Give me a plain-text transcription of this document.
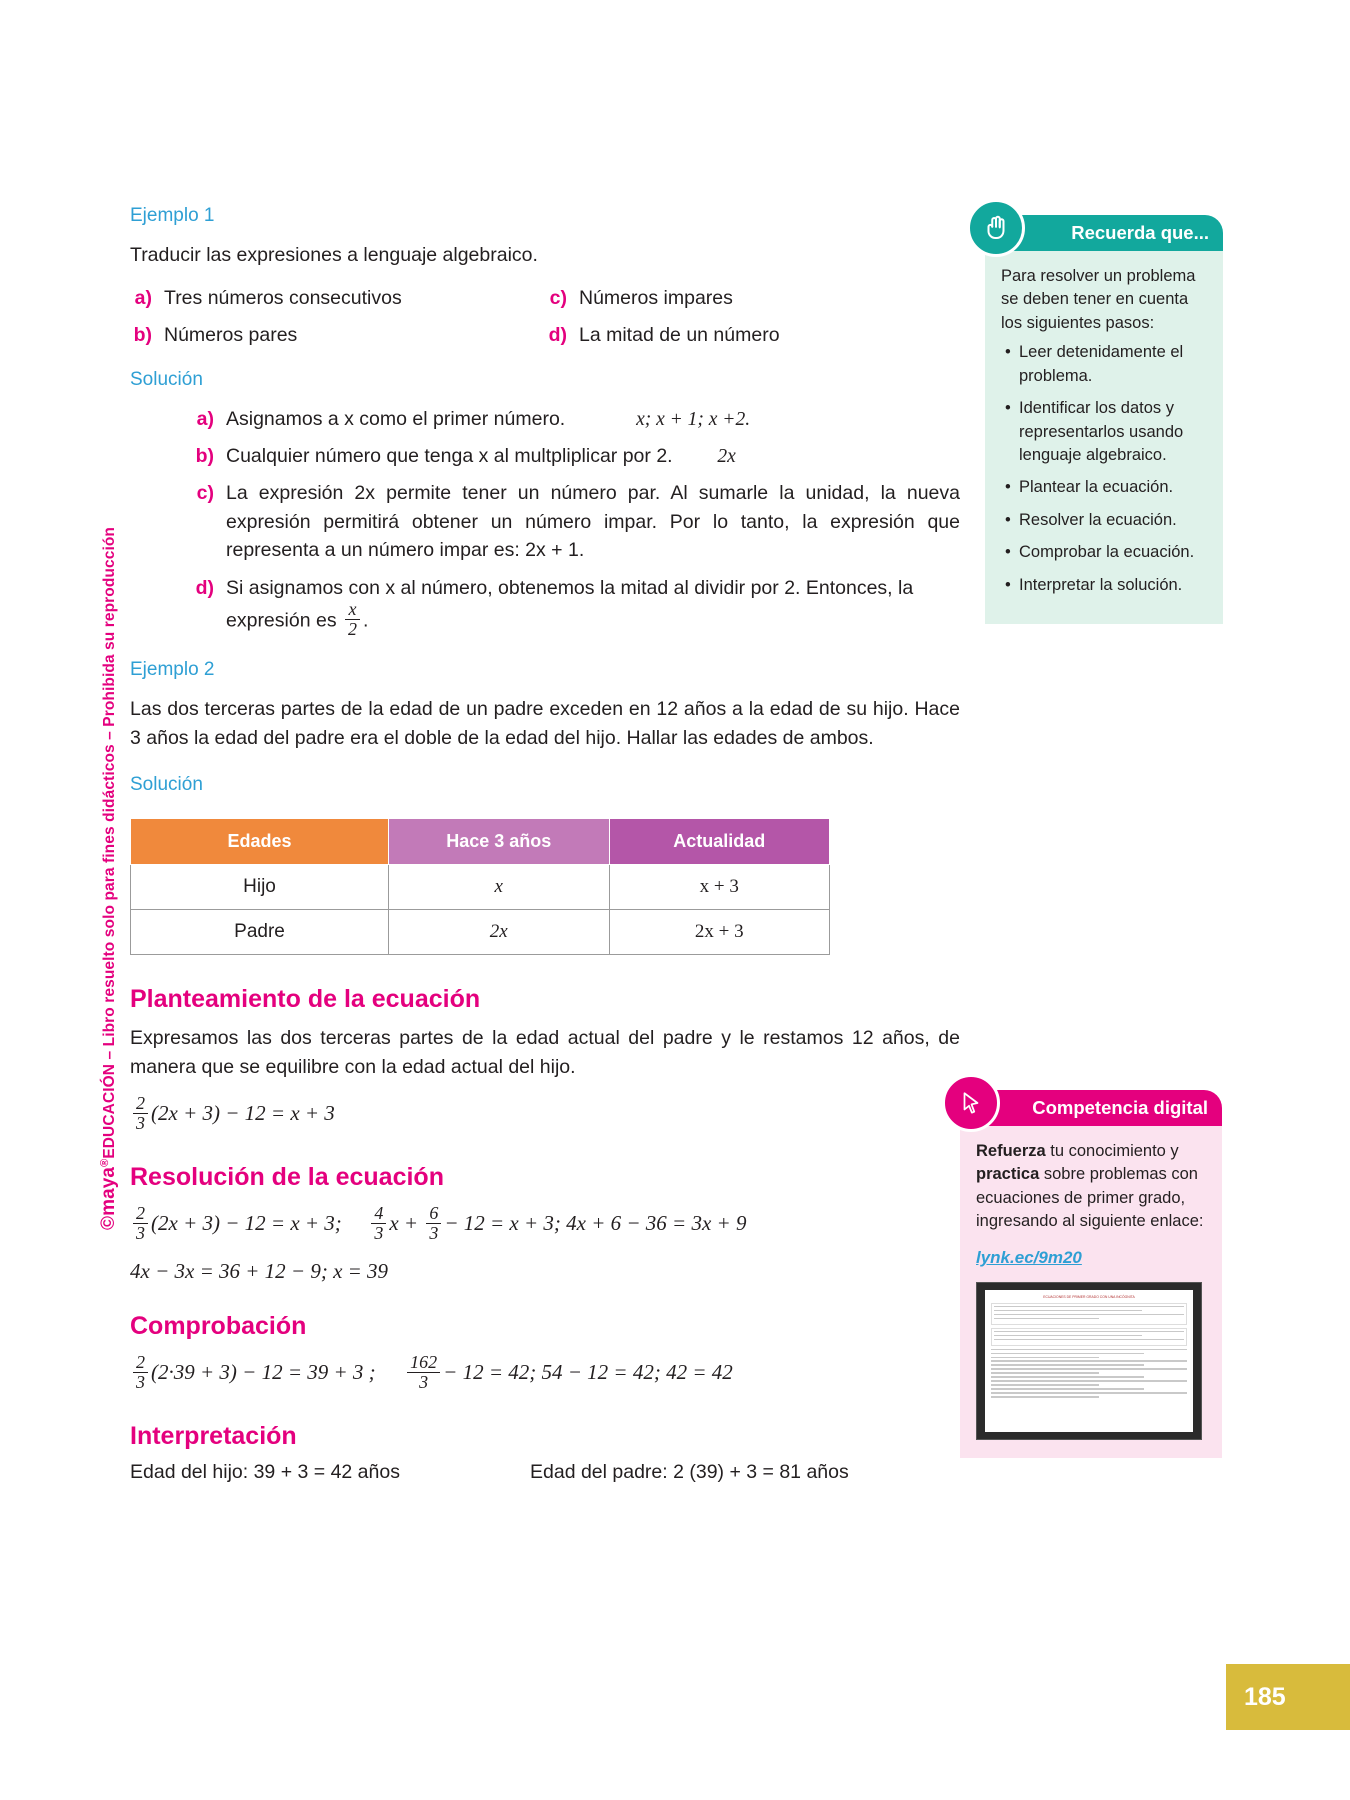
©maya®EDUCACIÓN – Libro resuelto solo para fines didácticos – Prohibida su reproducción
Ejemplo 1
Traducir las expresiones a lenguaje algebraico.
a) Tres números consecutivos	c) Números impares
b) Números pares	d) La mitad de un número
Solución
a) Asignamos a x como el primer número.	x; x + 1; x +2.
b) Cualquier número que tenga x al multpliplicar por 2. 2x
c) La expresión 2x permite tener un número par. Al sumarle la unidad, la nueva expresión permitirá obtener un número impar. Por lo tanto, la expresión que representa a un número impar es: 2x + 1.
d) Si asignamos con x al número, obtenemos la mitad al dividir por 2. Entonces, la expresión es $\frac{x}{2}$ .
Ejemplo 2
Las dos terceras partes de la edad de un padre exceden en 12 años a la edad de su hijo. Hace 3 años la edad del padre era el doble de la edad del hijo. Hallar las edades de ambos.
Solución
Edades	Hace 3 años	Actualidad
Hijo	x	x + 3
Padre	2x	2x + 3
Planteamiento de la ecuación
Expresamos las dos terceras partes de la edad actual del padre y le restamos 12 años, de manera que se equilibre con la edad actual del hijo.
$\frac{2}{3} (2x + 3) - 12 = x + 3$
Resolución de la ecuación
$\frac{2}{3} (2x + 3) - 12 = x + 3$; $\frac{4}{3}$ $x + \frac{6}{3} - 12 = x + 3$; 4x + 6 − 36 = 3x + 9
4x − 3x = 36 + 12 − 9; x = 39
Comprobación
$\frac{2}{3} (2\cdot 39 + 3) - 12 = 39 + 3$ ; $\frac{162}{3} - 12 = 42$; 54 − 12 = 42; 42 = 42
Interpretación
Edad del hijo: 39 + 3 = 42 años	Edad del padre: 2 (39) + 3 = 81 años
Recuerda que...
Para resolver un problema se deben tener en cuenta los siguientes pasos:
• Leer detenidamente el problema.
• Identificar los datos y representarlos usando lenguaje algebraico.
• Plantear la ecuación.
• Resolver la ecuación.
• Comprobar la ecuación.
• Interpretar la solución.
Competencia digital
Refuerza tu conocimiento y practica sobre problemas con ecuaciones de primer grado, ingresando al siguiente enlace:
lynk.ec/9m20
ECUACIONES DE PRIMER GRADO CON UNA INCÓGNITA
185
